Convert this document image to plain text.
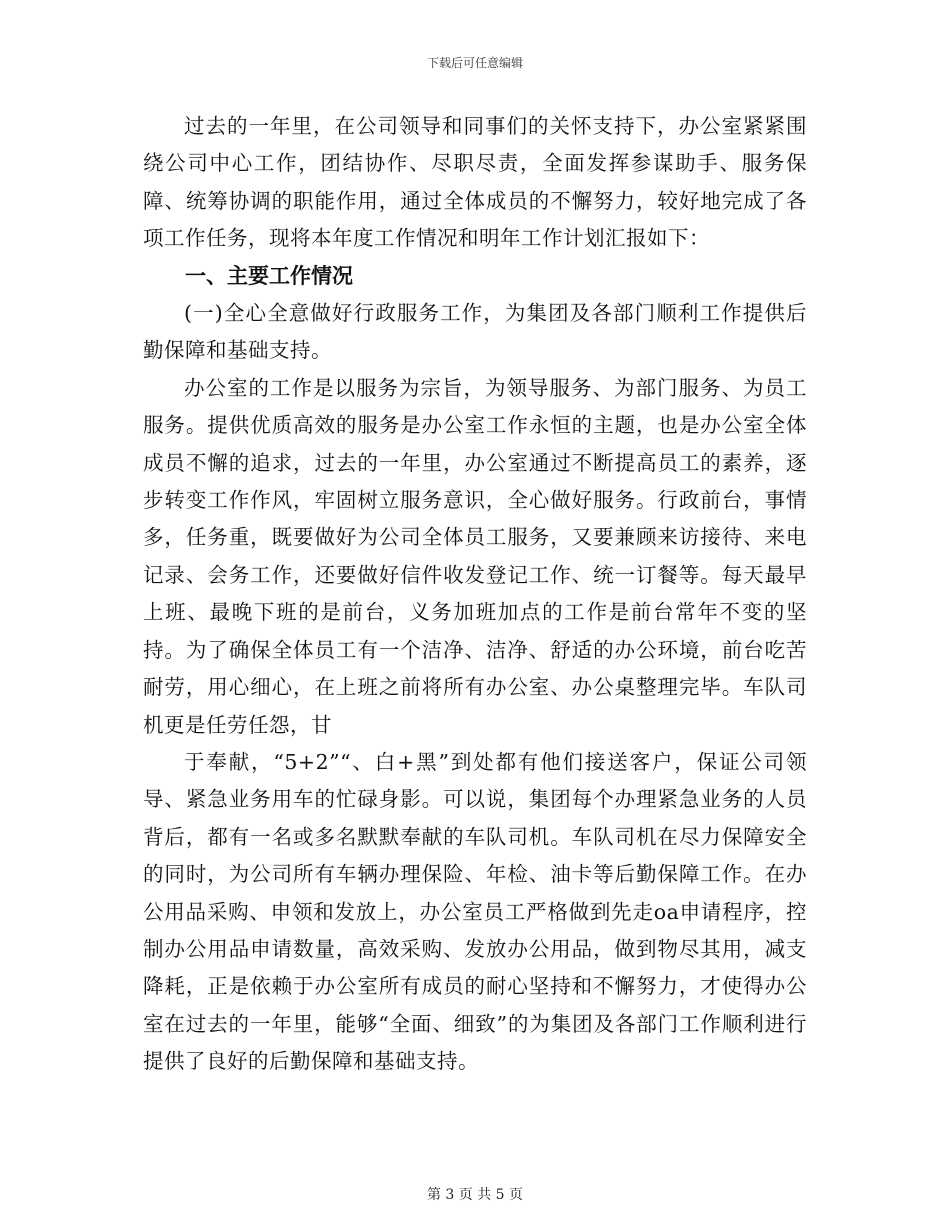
下载后可任意编辑

过去的一年里，在公司领导和同事们的关怀支持下，办公室紧紧围绕公司中心工作，团结协作、尽职尽责，全面发挥参谋助手、服务保障、统筹协调的职能作用，通过全体成员的不懈努力，较好地完成了各项工作任务，现将本年度工作情况和明年工作计划汇报如下：

一、主要工作情况

(一)全心全意做好行政服务工作，为集团及各部门顺利工作提供后勤保障和基础支持。

办公室的工作是以服务为宗旨，为领导服务、为部门服务、为员工服务。提供优质高效的服务是办公室工作永恒的主题，也是办公室全体成员不懈的追求，过去的一年里，办公室通过不断提高员工的素养，逐步转变工作作风，牢固树立服务意识，全心做好服务。行政前台，事情多，任务重，既要做好为公司全体员工服务，又要兼顾来访接待、来电记录、会务工作，还要做好信件收发登记工作、统一订餐等。每天最早上班、最晚下班的是前台，义务加班加点的工作是前台常年不变的坚持。为了确保全体员工有一个洁净、洁净、舒适的办公环境，前台吃苦耐劳，用心细心，在上班之前将所有办公室、办公桌整理完毕。车队司机更是任劳任怨，甘

于奉献，“5+2”“、白+黑”到处都有他们接送客户，保证公司领导、紧急业务用车的忙碌身影。可以说，集团每个办理紧急业务的人员背后，都有一名或多名默默奉献的车队司机。车队司机在尽力保障安全的同时，为公司所有车辆办理保险、年检、油卡等后勤保障工作。在办公用品采购、申领和发放上，办公室员工严格做到先走oa申请程序，控制办公用品申请数量，高效采购、发放办公用品，做到物尽其用，减支降耗，正是依赖于办公室所有成员的耐心坚持和不懈努力，才使得办公室在过去的一年里，能够“全面、细致”的为集团及各部门工作顺利进行提供了良好的后勤保障和基础支持。

第 3 页 共 5 页
